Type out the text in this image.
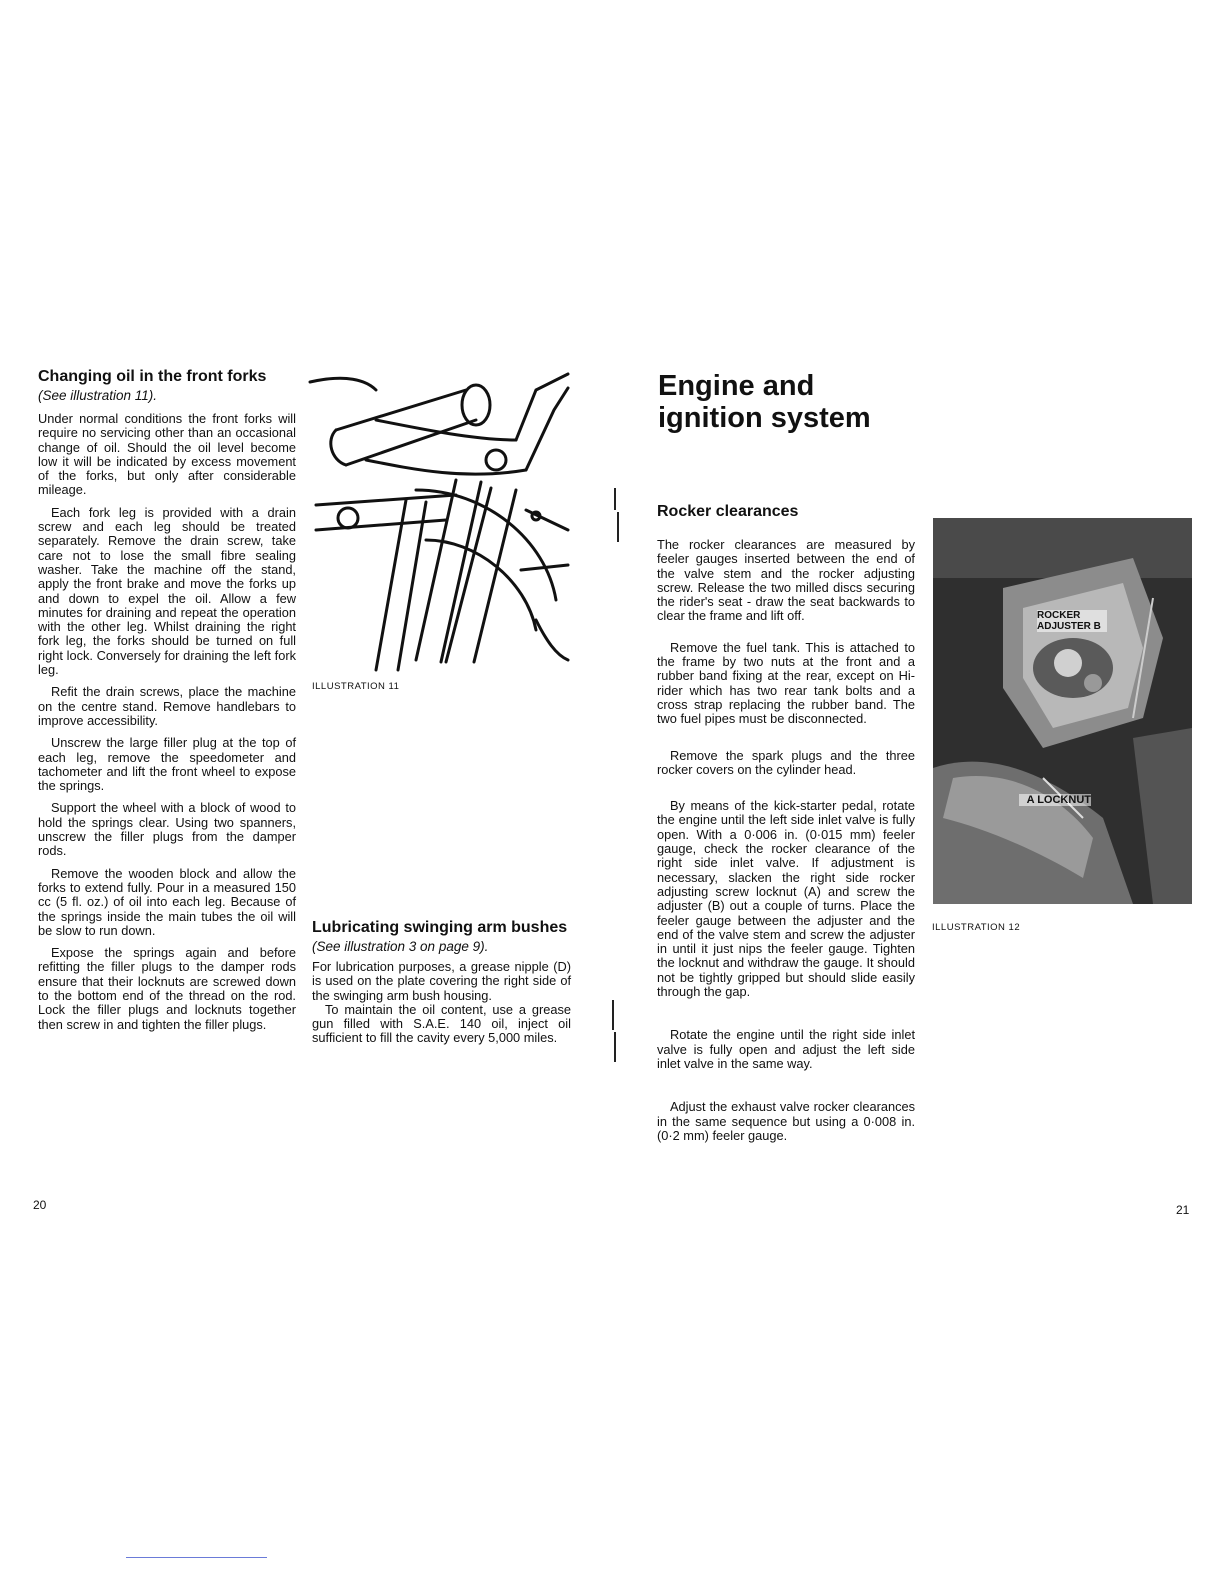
Changing oil in the front forks
(See illustration 11).

Under normal conditions the front forks will require no servicing other than an occasional change of oil. Should the oil level become low it will be indicated by excess movement of the forks, but only after considerable mileage.

Each fork leg is provided with a drain screw and each leg should be treated separately. Remove the drain screw, take care not to lose the small fibre sealing washer. Take the machine off the stand, apply the front brake and move the forks up and down to expel the oil. Allow a few minutes for draining and repeat the operation with the other leg. Whilst draining the right fork leg, the forks should be turned on full right lock. Conversely for draining the left fork leg.

Refit the drain screws, place the machine on the centre stand. Remove handlebars to improve accessibility.

Unscrew the large filler plug at the top of each leg, remove the speedometer and tachometer and lift the front wheel to expose the springs.

Support the wheel with a block of wood to hold the springs clear. Using two spanners, unscrew the filler plugs from the damper rods.

Remove the wooden block and allow the forks to extend fully. Pour in a measured 150 cc (5 fl. oz.) of oil into each leg. Because of the springs inside the main tubes the oil will be slow to run down.

Expose the springs again and before refitting the filler plugs to the damper rods ensure that their locknuts are screwed down to the bottom end of the thread on the rod. Lock the filler plugs and locknuts together then screw in and tighten the filler plugs.

ILLUSTRATION 11
Lubricating swinging arm bushes
(See illustration 3 on page 9).

For lubrication purposes, a grease nipple (D) is used on the plate covering the right side of the swinging arm bush housing.

To maintain the oil content, use a grease gun filled with S.A.E. 140 oil, inject oil sufficient to fill the cavity every 5,000 miles.

20
Engine and
ignition system
Rocker clearances

The rocker clearances are measured by feeler gauges inserted between the end of the valve stem and the rocker adjusting screw. Release the two milled discs securing the rider's seat - draw the seat backwards to clear the frame and lift off.

Remove the fuel tank. This is attached to the frame by two nuts at the front and a rubber band fixing at the rear, except on Hi-rider which has two rear tank bolts and a cross strap replacing the rubber band. The two fuel pipes must be disconnected.

Remove the spark plugs and the three rocker covers on the cylinder head.

By means of the kick-starter pedal, rotate the engine until the left side inlet valve is fully open. With a 0·006 in. (0·015 mm) feeler gauge, check the rocker clearance of the right side inlet valve. If adjustment is necessary, slacken the right side rocker adjusting screw locknut (A) and screw the adjuster (B) out a couple of turns. Place the feeler gauge between the adjuster and the end of the valve stem and screw the adjuster in until it just nips the feeler gauge. Tighten the locknut and withdraw the gauge. It should not be tightly gripped but should slide easily through the gap.

Rotate the engine until the right side inlet valve is fully open and adjust the left side inlet valve in the same way.

Adjust the exhaust valve rocker clearances in the same sequence but using a 0·008 in. (0·2 mm) feeler gauge.

ROCKER ADJUSTER B
A LOCKNUT
ILLUSTRATION 12
21
